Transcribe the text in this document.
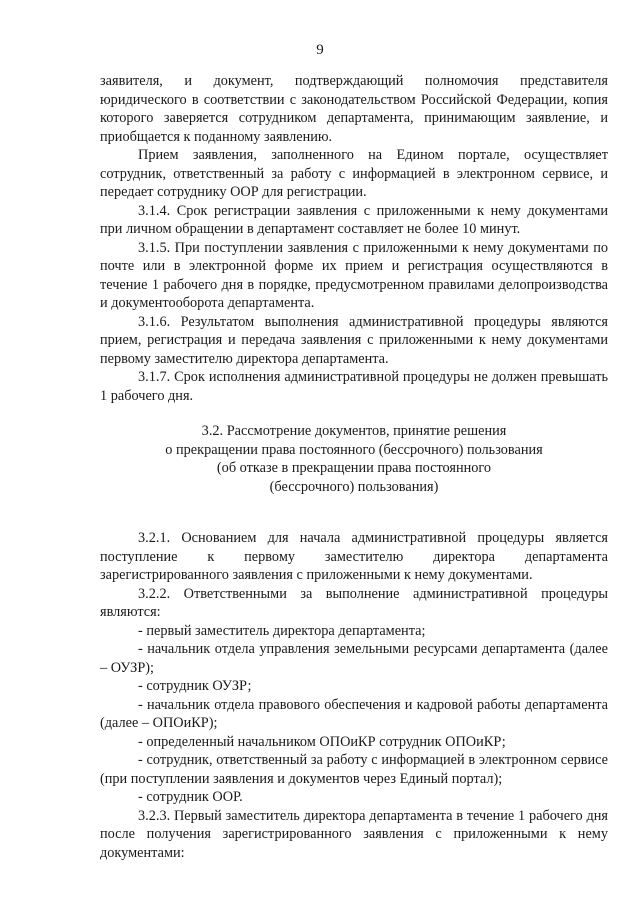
9

заявителя, и документ, подтверждающий полномочия представителя юридического в соответствии с законодательством Российской Федерации, копия которого заверяется сотрудником департамента, принимающим заявление, и приобщается к поданному заявлению.

Прием заявления, заполненного на Едином портале, осуществляет сотрудник, ответственный за работу с информацией в электронном сервисе, и передает сотруднику ООР для регистрации.

3.1.4. Срок регистрации заявления с приложенными к нему документами при личном обращении в департамент составляет не более 10 минут.

3.1.5. При поступлении заявления с приложенными к нему документами по почте или в электронной форме их прием и регистрация осуществляются в течение 1 рабочего дня в порядке, предусмотренном правилами делопроизводства и документооборота департамента.

3.1.6. Результатом выполнения административной процедуры являются прием, регистрация и передача заявления с приложенными к нему документами первому заместителю директора департамента.

3.1.7. Срок исполнения административной процедуры не должен превышать 1 рабочего дня.

3.2. Рассмотрение документов, принятие решения
о прекращении права постоянного (бессрочного) пользования
(об отказе в прекращении права постоянного
(бессрочного) пользования)

3.2.1. Основанием для начала административной процедуры является поступление к первому заместителю директора департамента зарегистрированного заявления с приложенными к нему документами.

3.2.2. Ответственными за выполнение административной процедуры являются:

- первый заместитель директора департамента;

- начальник отдела управления земельными ресурсами департамента (далее – ОУЗР);

- сотрудник ОУЗР;

- начальник отдела правового обеспечения и кадровой работы департамента (далее – ОПОиКР);

- определенный начальником ОПОиКР сотрудник ОПОиКР;

- сотрудник, ответственный за работу с информацией в электронном сервисе (при поступлении заявления и документов через Единый портал);

- сотрудник ООР.

3.2.3. Первый заместитель директора департамента в течение 1 рабочего дня после получения зарегистрированного заявления с приложенными к нему документами:
